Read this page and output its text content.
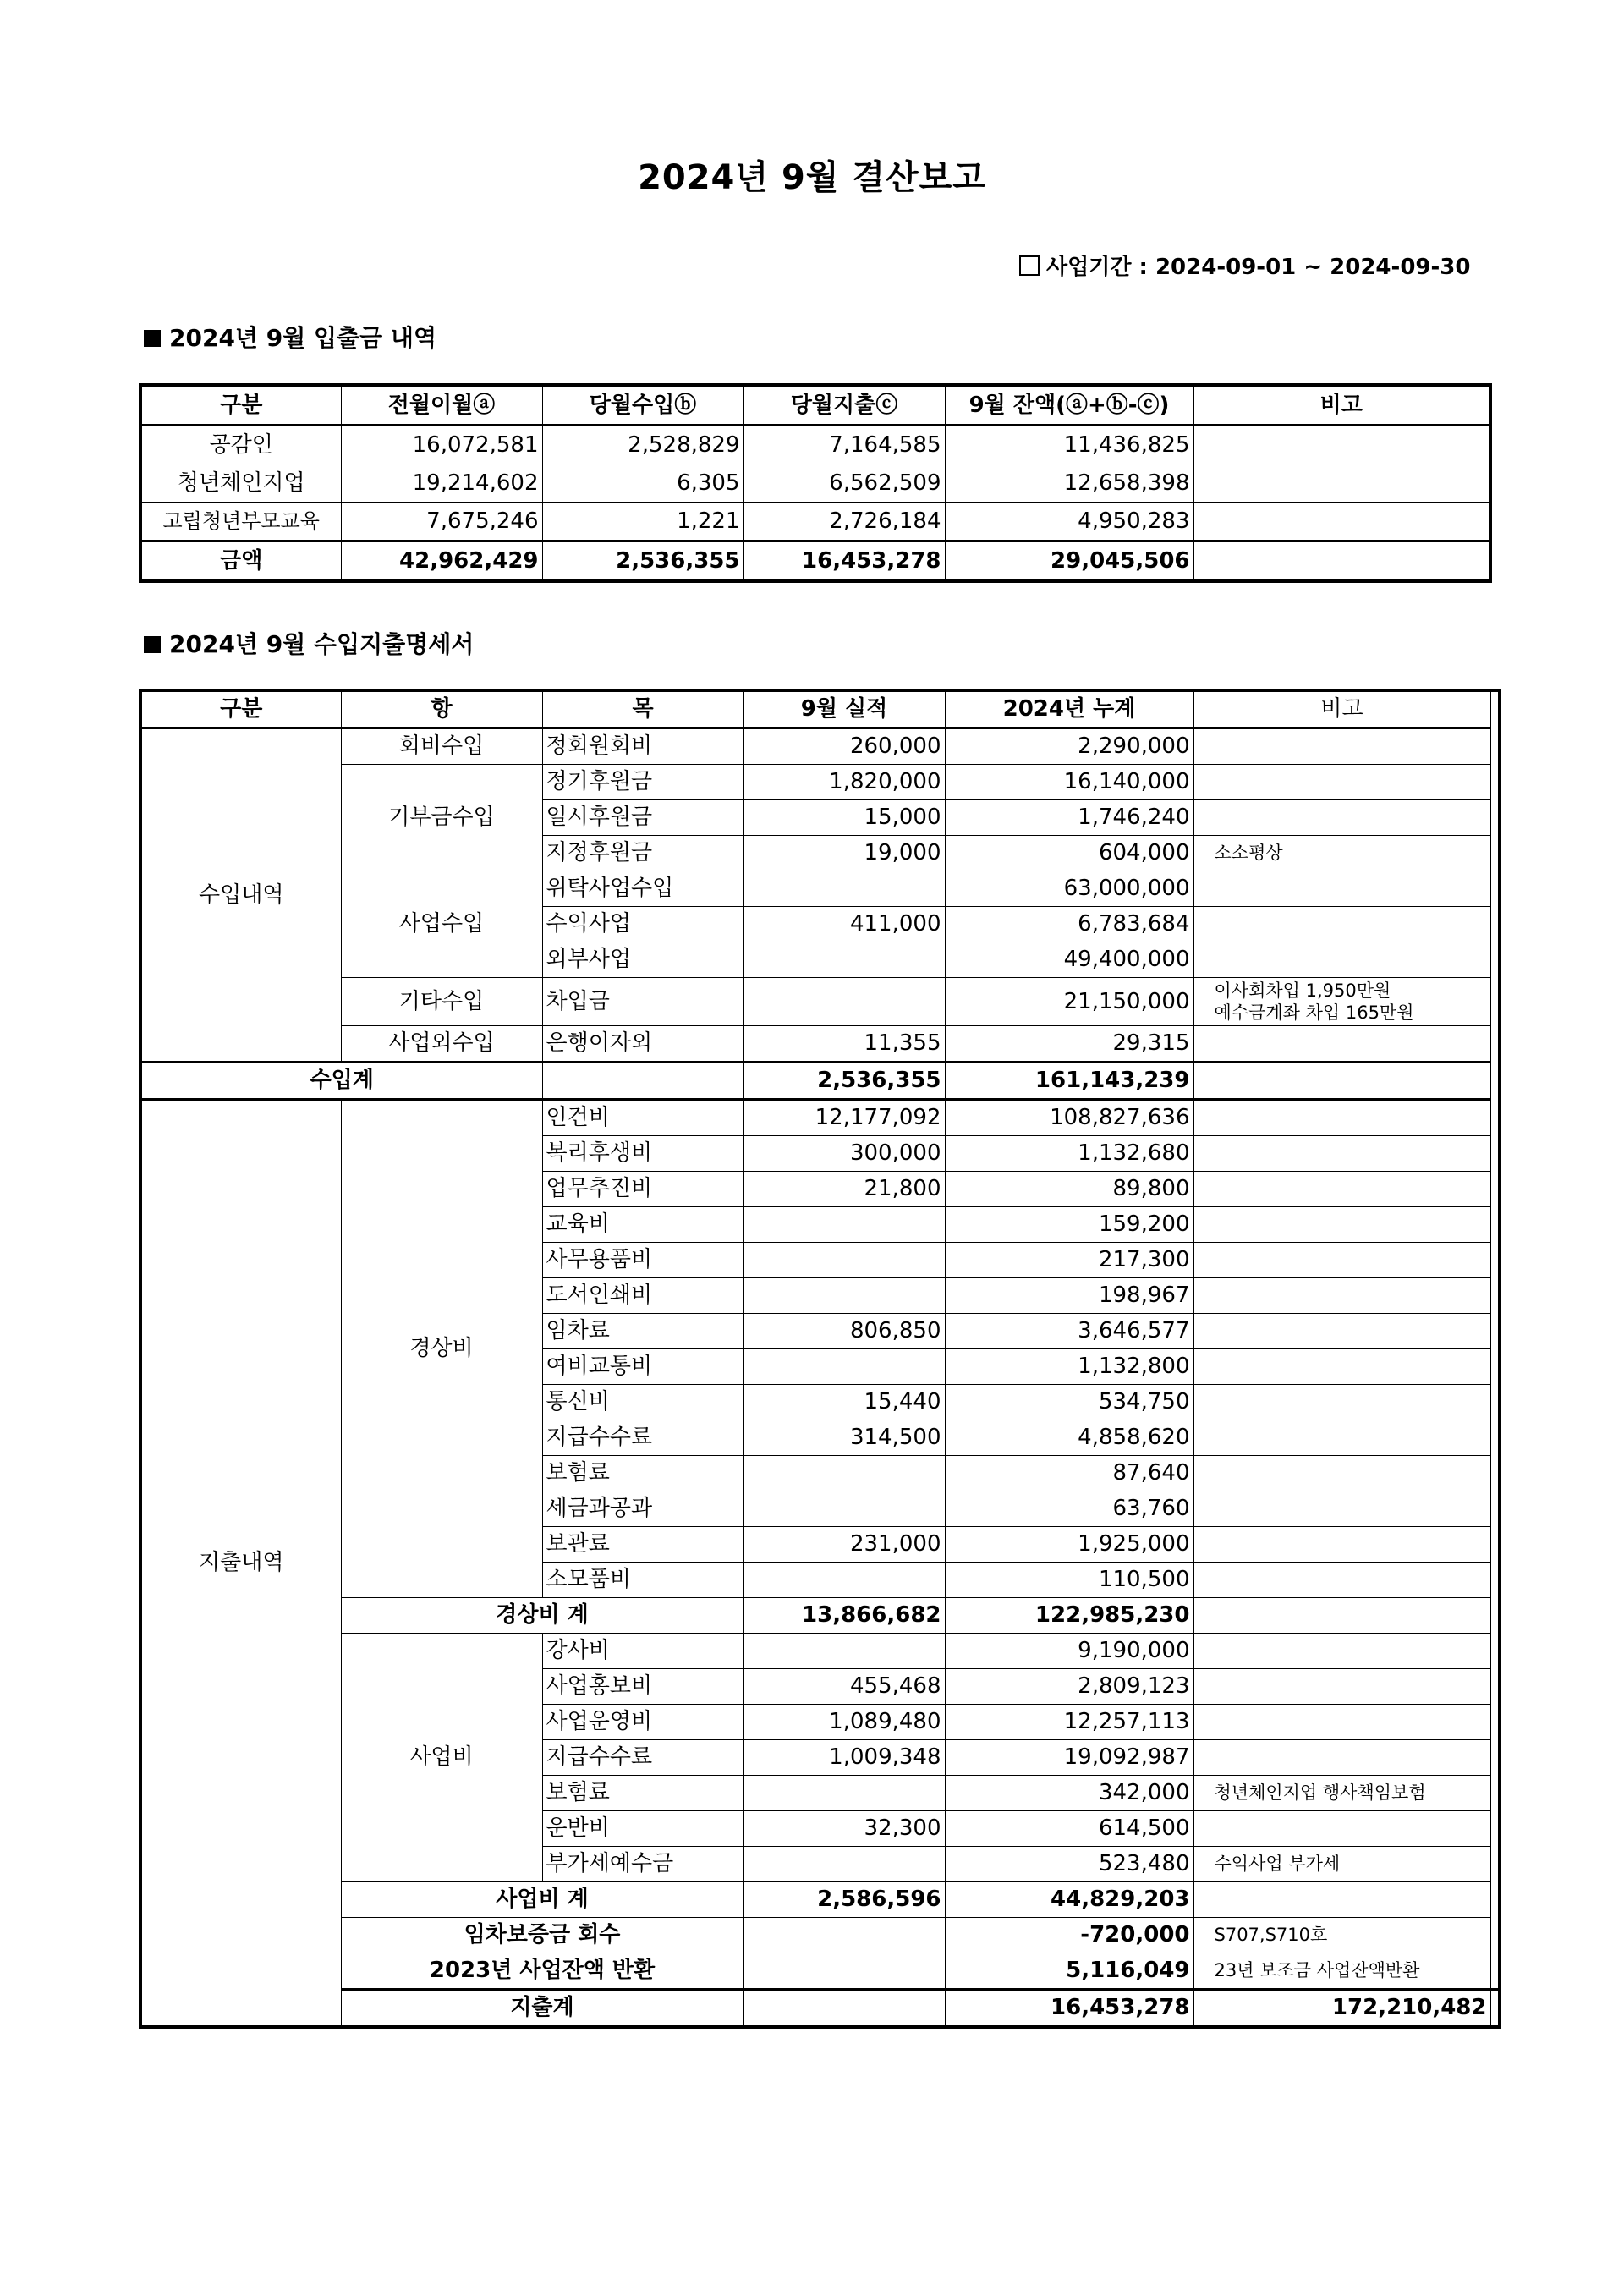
2024년 9월 결산보고
사업기간 : 2024-09-01 ~ 2024-09-30
2024년 9월 입출금 내역
구분	전월이월ⓐ	당월수입ⓑ	당월지출ⓒ	9월 잔액(ⓐ+ⓑ-ⓒ)	비고
공감인	16,072,581	2,528,829	7,164,585	11,436,825	
청년체인지업	19,214,602	6,305	6,562,509	12,658,398	
고립청년부모교육	7,675,246	1,221	2,726,184	4,950,283	
금액	42,962,429	2,536,355	16,453,278	29,045,506	
2024년 9월 수입지출명세서
구분	항	목	9월 실적	2024년 누계	비고	
수입내역	회비수입	정회원회비	260,000	2,290,000		
	기부금수입	정기후원금	1,820,000	16,140,000		
		일시후원금	15,000	1,746,240		
		지정후원금	19,000	604,000	소소평상	
	사업수입	위탁사업수입		63,000,000		
		수익사업	411,000	6,783,684		
		외부사업		49,400,000		
	기타수입	차입금		21,150,000	이사회차입 1,950만원
예수금계좌 차입 165만원	

	사업외수입	은행이자외	11,355	29,315		
수입계			2,536,355	161,143,239		
지출내역	경상비	인건비	12,177,092	108,827,636		
		복리후생비	300,000	1,132,680		
		업무추진비	21,800	89,800		
		교육비		159,200		
		사무용품비		217,300		
		도서인쇄비		198,967		
		임차료	806,850	3,646,577		
		여비교통비		1,132,800		
		통신비	15,440	534,750		
		지급수수료	314,500	4,858,620		
		보험료		87,640		
		세금과공과		63,760		
		보관료	231,000	1,925,000		
		소모품비		110,500		
	경상비 계		13,866,682	122,985,230		
	사업비	강사비		9,190,000		
		사업홍보비	455,468	2,809,123		
		사업운영비	1,089,480	12,257,113		
		지급수수료	1,009,348	19,092,987		
		보험료		342,000	청년체인지업 행사책임보험	
		운반비	32,300	614,500		
		부가세예수금		523,480	수익사업 부가세	
	사업비 계		2,586,596	44,829,203		
	임차보증금 회수			-720,000	S707,S710호	
	2023년 사업잔액 반환			5,116,049	23년 보조금 사업잔액반환	
	지출계			16,453,278	172,210,482	
